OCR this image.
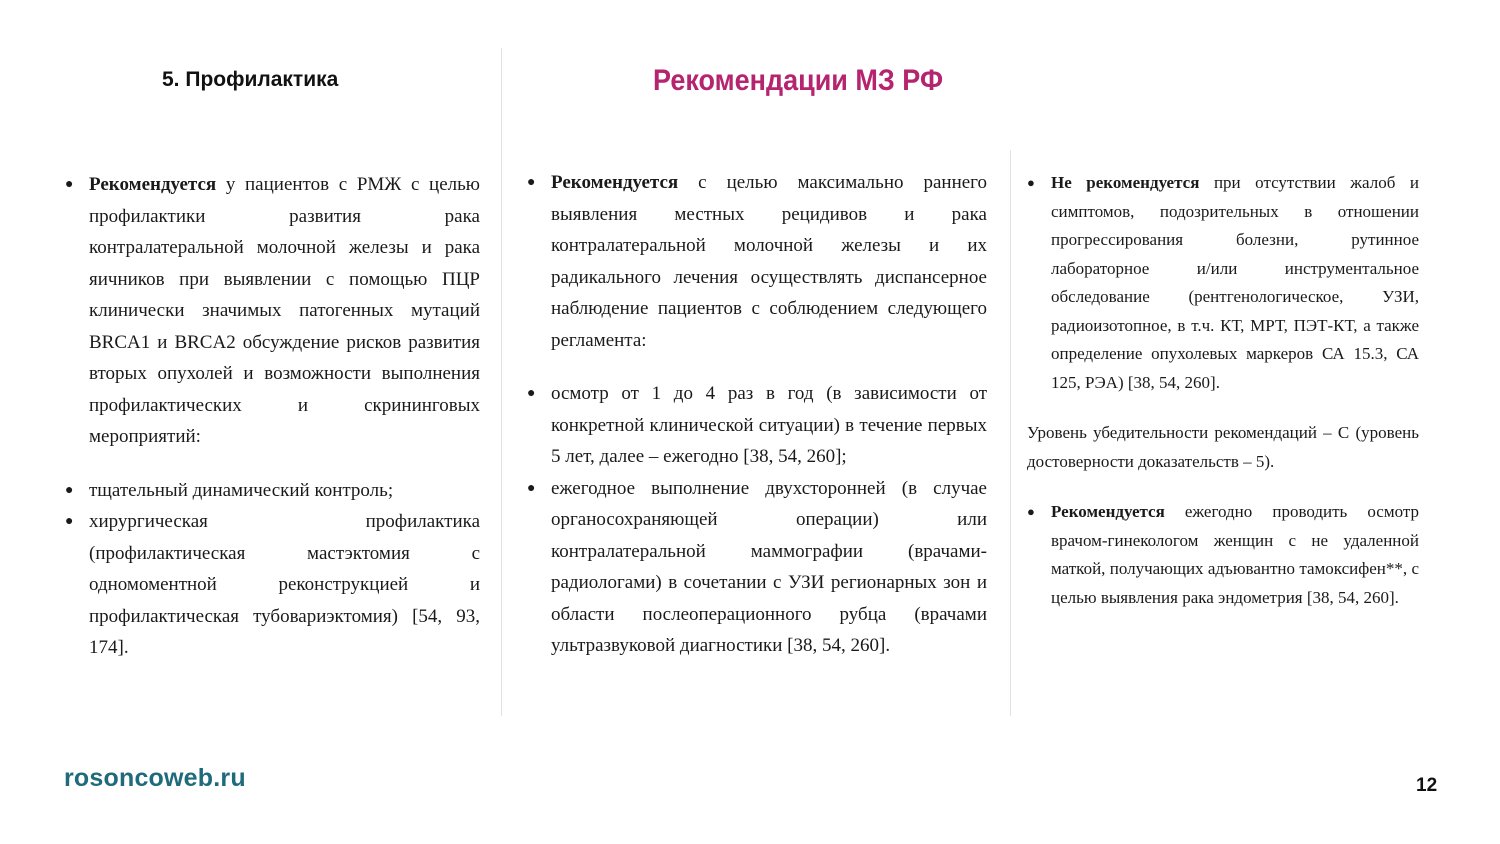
5. Профилактика	Рекомендации МЗ РФ
● Рекомендуется у пациентов с РМЖ с целью профилактики развития рака контралатеральной молочной железы и рака яичников при выявлении с помощью ПЦР клинически значимых патогенных мутаций BRCA1 и BRCA2 обсуждение рисков развития вторых опухолей и возможности выполнения профилактических и скрининговых мероприятий:
● тщательный динамический контроль;
● хирургическая профилактика (профилактическая мастэктомия с одномоментной реконструкцией и профилактическая тубовариэктомия) [54, 93, 174].
● Рекомендуется с целью максимально раннего выявления местных рецидивов и рака контралатеральной молочной железы и их радикального лечения осуществлять диспансерное наблюдение пациентов с соблюдением следующего регламента:
● осмотр от 1 до 4 раз в год (в зависимости от конкретной клинической ситуации) в течение первых 5 лет, далее – ежегодно [38, 54, 260];
● ежегодное выполнение двухсторонней (в случае органосохраняющей операции) или контралатеральной маммографии (врачами-радиологами) в сочетании с УЗИ регионарных зон и области послеоперационного рубца (врачами ультразвуковой диагностики [38, 54, 260].
● Не рекомендуется при отсутствии жалоб и симптомов, подозрительных в отношении прогрессирования болезни, рутинное лабораторное и/или инструментальное обследование (рентгенологическое, УЗИ, радиоизотопное, в т.ч. КТ, МРТ, ПЭТ-КТ, а также определение опухолевых маркеров СА 15.3, СА 125, РЭА) [38, 54, 260].

Уровень убедительности рекомендаций – С (уровень достоверности доказательств – 5).

● Рекомендуется ежегодно проводить осмотр врачом-гинекологом женщин с не удаленной маткой, получающих адъювантно тамоксифен**, с целью выявления рака эндометрия [38, 54, 260].
rosoncoweb.ru	12
